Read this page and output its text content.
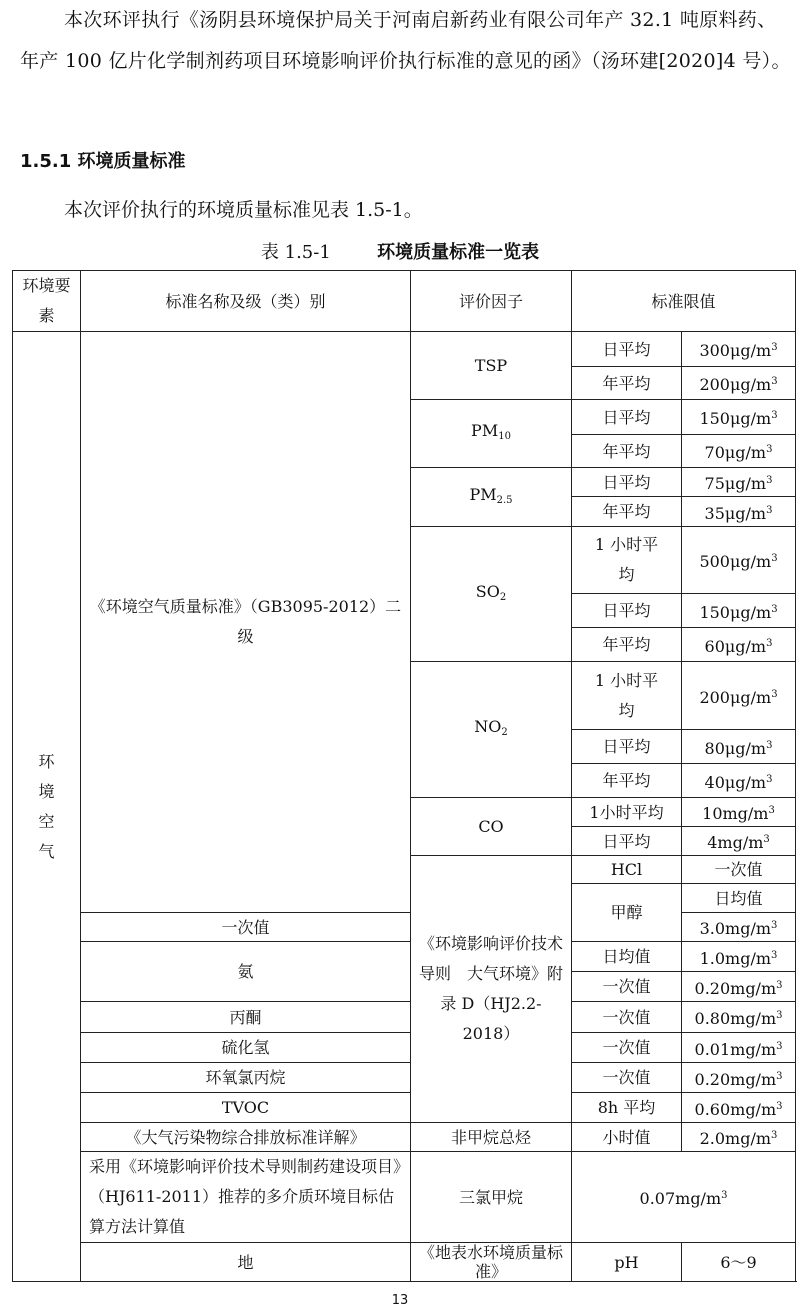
本次环评执行《汤阴县环境保护局关于河南启新药业有限公司年产 32.1 吨原料药、年产 100 亿片化学制剂药项目环境影响评价执行标准的意见的函》（汤环建[2020]4 号）。
1.5.1 环境质量标准
本次评价执行的环境质量标准见表 1.5-1。
表 1.5-1	环境质量标准一览表
环境要素	标准名称及级（类）别	评价因子	标准限值		
环境空气	《环境空气质量标准》（GB3095-2012）二级	TSP	日平均	$300\mu g/m^3$
			年平均	$200\mu g/m^3$
		$PM_{10}$	日平均	$150\mu g/m^3$
			年平均	$70\mu g/m^3$
		$PM_{2.5}$	日平均	$75\mu g/m^3$
			年平均	$35\mu g/m^3$
		$SO_2$	1 小时平
均	$500\mu g/m^3$
			日平均	$150\mu g/m^3$
			年平均	$60\mu g/m^3$
		$NO_2$	1 小时平
均	$200\mu g/m^3$
			日平均	$80\mu g/m^3$
			年平均	$40\mu g/m^3$
		CO	1小时平均	$10mg/m^3$
			日平均	$4mg/m^3$
		《环境影响评价技术导则　大气环境》附录 D（HJ2.2-2018）	HCl	一次值	
			甲醇	日均值	
	一次值			$3.0mg/m^3$
	氨		日均值	$1.0mg/m^3$
			一次值	$0.20mg/m^3$
	丙酮		一次值	$0.80mg/m^3$
	硫化氢		一次值	$0.01mg/m^3$
	环氧氯丙烷		一次值	$0.20mg/m^3$
	TVOC		8h 平均	$0.60mg/m^3$
	《大气污染物综合排放标准详解》	非甲烷总烃	小时值	$2.0mg/m^3$
	采用《环境影响评价技术导则制药建设项目》（HJ611-2011）推荐的多介质环境目标估算方法计算值	三氯甲烷	$0.07mg/m^3$
	地	《地表水环境质量标准》	pH	6～9	
13
